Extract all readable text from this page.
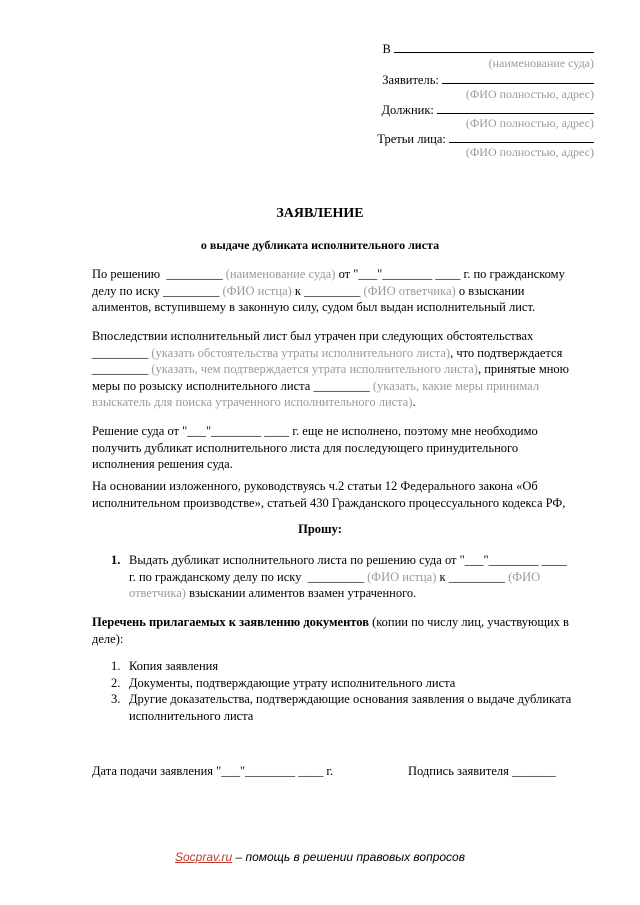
В
(наименование суда)
Заявитель:
(ФИО полностью, адрес)
Должник:
(ФИО полностью, адрес)
Третьи лица:
(ФИО полностью, адрес)
ЗАЯВЛЕНИЕ
о выдаче дубликата исполнительного листа
По решению _________ (наименование суда) от "___"________ ____ г. по гражданскому
делу по иску _________ (ФИО истца) к _________ (ФИО ответчика) о взыскании
алиментов, вступившему в законную силу, судом был выдан исполнительный лист.
Впоследствии исполнительный лист был утрачен при следующих обстоятельствах
_________ (указать обстоятельства утраты исполнительного листа), что подтверждается
_________ (указать, чем подтверждается утрата исполнительного листа), принятые мною
меры по розыску исполнительного листа _________ (указать, какие меры принимал
взыскатель для поиска утраченного исполнительного листа).
Решение суда от "___"________ ____ г. еще не исполнено, поэтому мне необходимо
получить дубликат исполнительного листа для последующего принудительного
исполнения решения суда.
На основании изложенного, руководствуясь ч.2 статьи 12 Федерального закона «Об
исполнительном производстве», статьей 430 Гражданского процессуального кодекса РФ,
Прошу:
1. Выдать дубликат исполнительного листа по решению суда от "___"________ ____
г. по гражданскому делу по иску _________ (ФИО истца) к _________ (ФИО
ответчика) взыскании алиментов взамен утраченного.
Перечень прилагаемых к заявлению документов (копии по числу лиц, участвующих в
деле):
1. Копия заявления
2. Документы, подтверждающие утрату исполнительного листа
3. Другие доказательства, подтверждающие основания заявления о выдаче дубликата
исполнительного листа
Дата подачи заявления "___"________ ____ г.	Подпись заявителя _______
Socprav.ru – помощь в решении правовых вопросов
